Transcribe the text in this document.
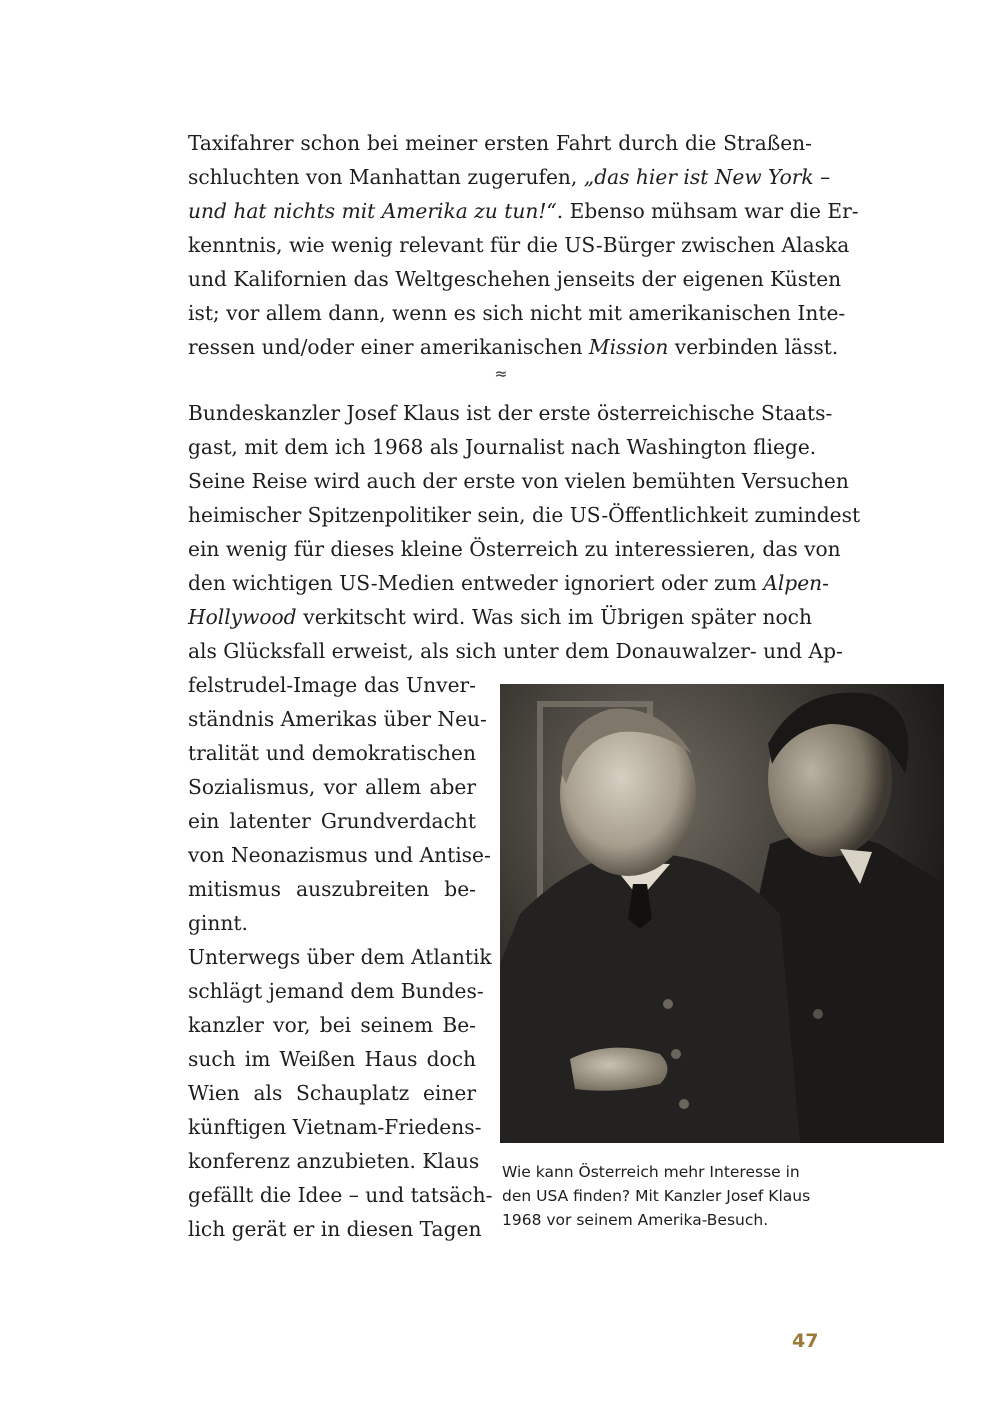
Taxifahrer schon bei meiner ersten Fahrt durch die Straßen-
schluchten von Manhattan zugerufen, „das hier ist New York –
und hat nichts mit Amerika zu tun!“. Ebenso mühsam war die Er-
kenntnis, wie wenig relevant für die US-Bürger zwischen Alaska
und Kalifornien das Weltgeschehen jenseits der eigenen Küsten
ist; vor allem dann, wenn es sich nicht mit amerikanischen Inte-
ressen und/oder einer amerikanischen Mission verbinden lässt.
≈
Bundeskanzler Josef Klaus ist der erste österreichische Staats-
gast, mit dem ich 1968 als Journalist nach Washington fliege.
Seine Reise wird auch der erste von vielen bemühten Versuchen
heimischer Spitzenpolitiker sein, die US-Öffentlichkeit zumindest
ein wenig für dieses kleine Österreich zu interessieren, das von
den wichtigen US-Medien entweder ignoriert oder zum Alpen-
Hollywood verkitscht wird. Was sich im Übrigen später noch
als Glücksfall erweist, als sich unter dem Donauwalzer- und Ap-
felstrudel-Image das Unver-
ständnis Amerikas über Neu-
tralität und demokratischen
Sozialismus, vor allem aber
ein latenter Grundverdacht
von Neonazismus und Antise-
mitismus auszubreiten be-
ginnt.
Unterwegs über dem Atlantik
schlägt jemand dem Bundes-
kanzler vor, bei seinem Be-
such im Weißen Haus doch
Wien als Schauplatz einer
künftigen Vietnam-Friedens-
konferenz anzubieten. Klaus
gefällt die Idee – und tatsäch-
lich gerät er in diesen Tagen
Wie kann Österreich mehr Interesse in
den USA finden? Mit Kanzler Josef Klaus
1968 vor seinem Amerika-Besuch.
47
